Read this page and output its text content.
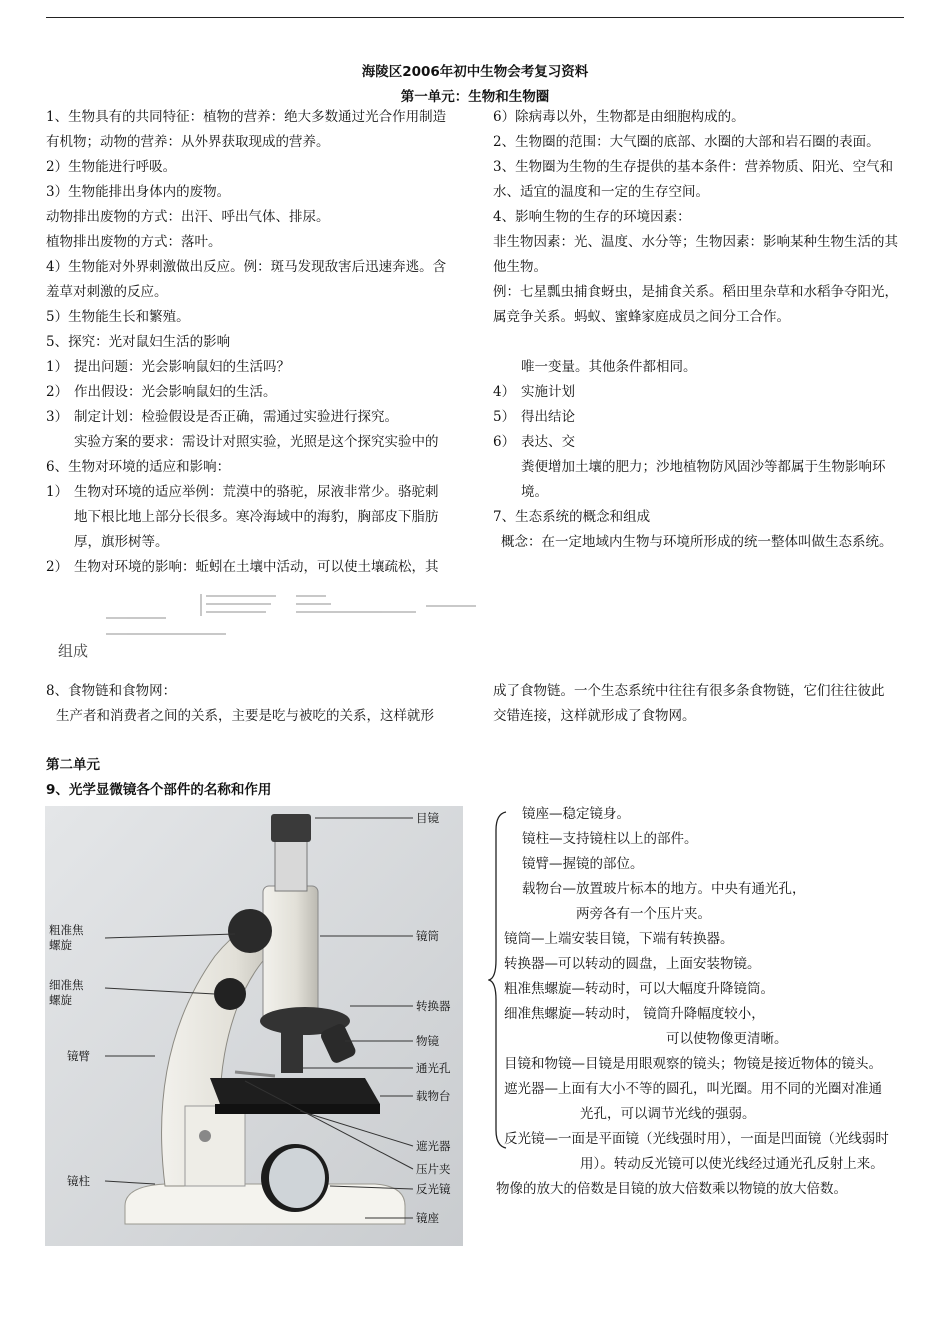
海陵区2006年初中生物会考复习资料
第一单元：生物和生物圈
1、生物具有的共同特征：植物的营养：绝大多数通过光合作用制造
有机物；动物的营养：从外界获取现成的营养。
2）生物能进行呼吸。
3）生物能排出身体内的废物。
动物排出废物的方式：出汗、呼出气体、排尿。
植物排出废物的方式：落叶。
4）生物能对外界刺激做出反应。例：斑马发现敌害后迅速奔逃。含
羞草对刺激的反应。
5）生物能生长和繁殖。
5、探究：光对鼠妇生活的影响
1） 提出问题：光会影响鼠妇的生活吗？
2） 作出假设：光会影响鼠妇的生活。
3） 制定计划：检验假设是否正确，需通过实验进行探究。
实验方案的要求：需设计对照实验，光照是这个探究实验中的
6、生物对环境的适应和影响：
1） 生物对环境的适应举例：荒漠中的骆驼，尿液非常少。骆驼刺
地下根比地上部分长很多。寒冷海域中的海豹，胸部皮下脂肪
厚，旗形树等。
2） 生物对环境的影响：蚯蚓在土壤中活动，可以使土壤疏松，其
6）除病毒以外，生物都是由细胞构成的。
2、生物圈的范围：大气圈的底部、水圈的大部和岩石圈的表面。
3、生物圈为生物的生存提供的基本条件：营养物质、阳光、空气和
水、适宜的温度和一定的生存空间。
4、影响生物的生存的环境因素：
非生物因素：光、温度、水分等；生物因素：影响某种生物生活的其
他生物。
例：七星瓢虫捕食蚜虫，是捕食关系。稻田里杂草和水稻争夺阳光，
属竞争关系。蚂蚁、蜜蜂家庭成员之间分工合作。
唯一变量。其他条件都相同。
4） 实施计划
5） 得出结论
6） 表达、交
粪便增加土壤的肥力；沙地植物防风固沙等都属于生物影响环
境。
7、生态系统的概念和组成
概念：在一定地域内生物与环境所形成的统一整体叫做生态系统。
组成
8、食物链和食物网：
生产者和消费者之间的关系，主要是吃与被吃的关系，这样就形
成了食物链。一个生态系统中往往有很多条食物链，它们往往彼此
交错连接，这样就形成了食物网。
第二单元
9、光学显微镜各个部件的名称和作用
目镜
粗准焦
螺旋
细准焦
螺旋
镜臂
镜柱
镜筒
转换器
物镜
通光孔
载物台
遮光器
压片夹
反光镜
镜座
镜座—稳定镜身。
镜柱—支持镜柱以上的部件。
镜臂—握镜的部位。
载物台—放置玻片标本的地方。中央有通光孔，
两旁各有一个压片夹。
镜筒—上端安装目镜，下端有转换器。
转换器—可以转动的圆盘，上面安装物镜。
粗准焦螺旋—转动时，可以大幅度升降镜筒。
细准焦螺旋—转动时， 镜筒升降幅度较小，
可以使物像更清晰。
目镜和物镜—目镜是用眼观察的镜头；物镜是接近物体的镜头。
遮光器—上面有大小不等的圆孔，叫光圈。用不同的光圈对准通
光孔，可以调节光线的强弱。
反光镜—一面是平面镜（光线强时用），一面是凹面镜（光线弱时
用）。转动反光镜可以使光线经过通光孔反射上来。
物像的放大的倍数是目镜的放大倍数乘以物镜的放大倍数。
